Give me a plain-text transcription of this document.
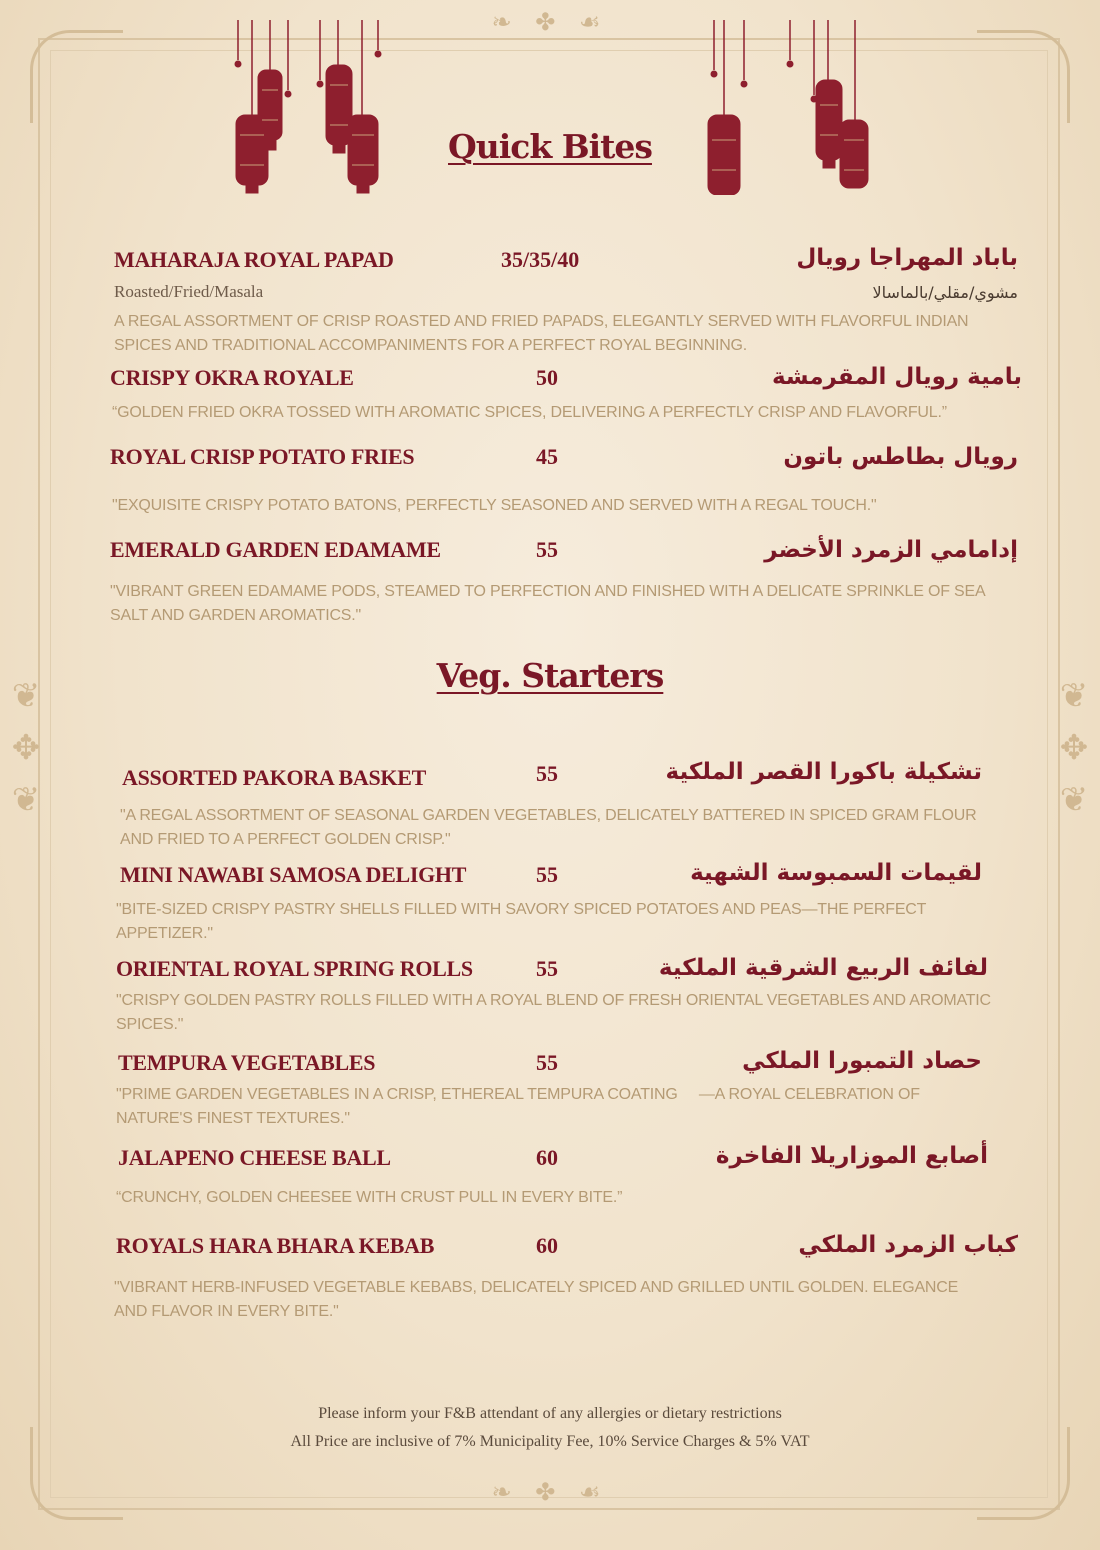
❦
✥
❦
❦
✥
❦
❧ ✤ ☙
❧ ✤ ☙
Quick Bites
MAHARAJA ROYAL PAPAD	35/35/40	باباد المهراجا رويال
Roasted/Fried/Masala	مشوي/مقلي/بالماسالا
A REGAL ASSORTMENT OF CRISP ROASTED AND FRIED PAPADS, ELEGANTLY SERVED WITH FLAVORFUL INDIAN SPICES AND TRADITIONAL ACCOMPANIMENTS FOR A PERFECT ROYAL BEGINNING.
CRISPY OKRA ROYALE	50	بامية رويال المقرمشة
“GOLDEN FRIED OKRA TOSSED WITH AROMATIC SPICES, DELIVERING A PERFECTLY CRISP AND FLAVORFUL.”
ROYAL CRISP POTATO FRIES	45	رويال بطاطس باتون
"EXQUISITE CRISPY POTATO BATONS, PERFECTLY SEASONED AND SERVED WITH A REGAL TOUCH."
EMERALD GARDEN EDAMAME	55	إدامامي الزمرد الأخضر
"VIBRANT GREEN EDAMAME PODS, STEAMED TO PERFECTION AND FINISHED WITH A DELICATE SPRINKLE OF SEA SALT AND GARDEN AROMATICS."
Veg. Starters
ASSORTED PAKORA BASKET	55	تشكيلة باكورا القصر الملكية
"A REGAL ASSORTMENT OF SEASONAL GARDEN VEGETABLES, DELICATELY BATTERED IN SPICED GRAM FLOUR AND FRIED TO A PERFECT GOLDEN CRISP."
MINI NAWABI SAMOSA DELIGHT	55	لقيمات السمبوسة الشهية
"BITE-SIZED CRISPY PASTRY SHELLS FILLED WITH SAVORY SPICED POTATOES AND PEAS—THE PERFECT APPETIZER."
ORIENTAL ROYAL SPRING ROLLS	55	لفائف الربيع الشرقية الملكية
"CRISPY GOLDEN PASTRY ROLLS FILLED WITH A ROYAL BLEND OF FRESH ORIENTAL VEGETABLES AND AROMATIC SPICES."
TEMPURA VEGETABLES	55	حصاد التمبورا الملكي
"PRIME GARDEN VEGETABLES IN A CRISP, ETHEREAL TEMPURA COATING     —A ROYAL CELEBRATION OF NATURE'S FINEST TEXTURES."
JALAPENO CHEESE BALL	60	أصابع الموزاريلا الفاخرة
“CRUNCHY, GOLDEN CHEESEE WITH CRUST PULL IN EVERY BITE.”
ROYALS HARA BHARA KEBAB	60	كباب الزمرد الملكي
"VIBRANT HERB-INFUSED VEGETABLE KEBABS, DELICATELY SPICED AND GRILLED UNTIL GOLDEN. ELEGANCE AND FLAVOR IN EVERY BITE."
Please inform your F&B attendant of any allergies or dietary restrictions
All Price are inclusive of 7% Municipality Fee, 10% Service Charges & 5% VAT
